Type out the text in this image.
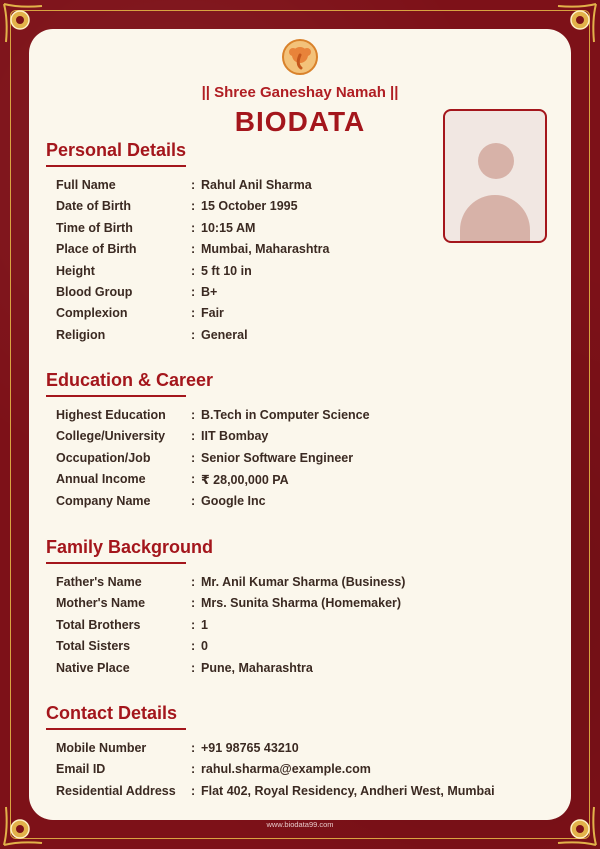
|| Shree Ganeshay Namah ||
BIODATA
Personal Details
Full Name	: Rahul Anil Sharma
Date of Birth	: 15 October 1995
Time of Birth	: 10:15 AM
Place of Birth	: Mumbai, Maharashtra
Height	: 5 ft 10 in
Blood Group	: B+
Complexion	: Fair
Religion	: General
Education & Career
Highest Education : B.Tech in Computer Science
College/University : IIT Bombay
Occupation/Job	: Senior Software Engineer
Annual Income	: ₹ 28,00,000 PA
Company Name	: Google Inc
Family Background
Father's Name	: Mr. Anil Kumar Sharma (Business)
Mother's Name	: Mrs. Sunita Sharma (Homemaker)
Total Brothers	: 1
Total Sisters	: 0
Native Place	: Pune, Maharashtra
Contact Details
Mobile Number	: +91 98765 43210
Email ID	: rahul.sharma@example.com
Residential Address : Flat 402, Royal Residency, Andheri West, Mumbai
www.biodata99.com
